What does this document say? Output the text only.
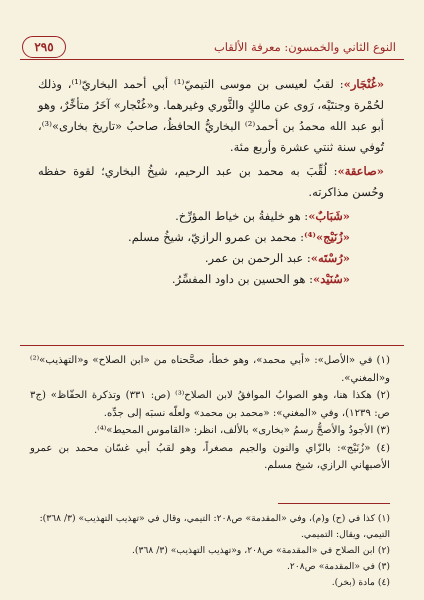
النوع الثاني والخمسون: معرفة الألقاب
٢٩٥

«غُنْجَار»: لقبٌ لعيسى بن موسى التيميّ⁽¹⁾ أبي أحمد البخاريّ⁽¹⁾، وذلك لحُمْرة وجنتَيْه، رَوى عن مالكٍ والثَّوري وغيرهما. و«غُنْجار» آخَرُ متأخِّرٌ، وهو أبو عبد الله محمدُ بن أحمد⁽²⁾ البخاريُّ الحافظُ، صاحبُ «تاريخ بخارى»⁽³⁾، تُوفي سنة ثنتي عشرة وأربع مئة.

«صاعقة»: لُقِّبَ به محمد بن عبد الرحيم، شيخُ البخاري؛ لقوة حفظه وحُسن مذاكرته.

«شَبَابٌ»: هو خليفةُ بن خياط المؤرِّخ.

«زُنَيْج»⁽⁴⁾: محمد بن عمرو الرازيّ، شيخُ مسلم.

«رُسْتَه»: عبد الرحمن بن عمر.

«سُنَيْد»: هو الحسين بن داود المفسِّرُ.

(١) في «الأصل»: «أبي محمد»، وهو خطأ، صحَّحناه من «ابن الصلاح» و«التهذيب»⁽²⁾ و«المغني».

(٢) هكذا هنا، وهو الصوابُ الموافقُ لابن الصلاح⁽³⁾ (ص: ٣٣١) وتذكرة الحفّاظ» (ج٣ ص: ١٢٣٩)، وفي «المغني»: «محمد بن محمد» ولعلّه نسبَه إلى جدِّه.

(٣) الأجودُ والأصحُّ رسمُ «بخارى» بالألف، انظر: «القاموس المحيط»⁽⁴⁾.

(٤) «زُنَيْج»: بالزّاي والنون والجيم مصغراً، وهو لقبُ أبي غسّان محمد بن عمرو الأصبهاني الرازي، شيخ مسلم.

(١) كذا في (ح) و(م)، وفي «المقدمة» ص٢٠٨: التيمي، وقال في «تهذيب التهذيب» (٣/ ٣٦٨): التيمي، ويقال: التميمي.

(٢) ابن الصلاح في «المقدمة» ص٢٠٨، و«تهذيب التهذيب» (٣/ ٣٦٨).

(٣) في «المقدمة» ص٢٠٨.

(٤) مادة (بخر).
